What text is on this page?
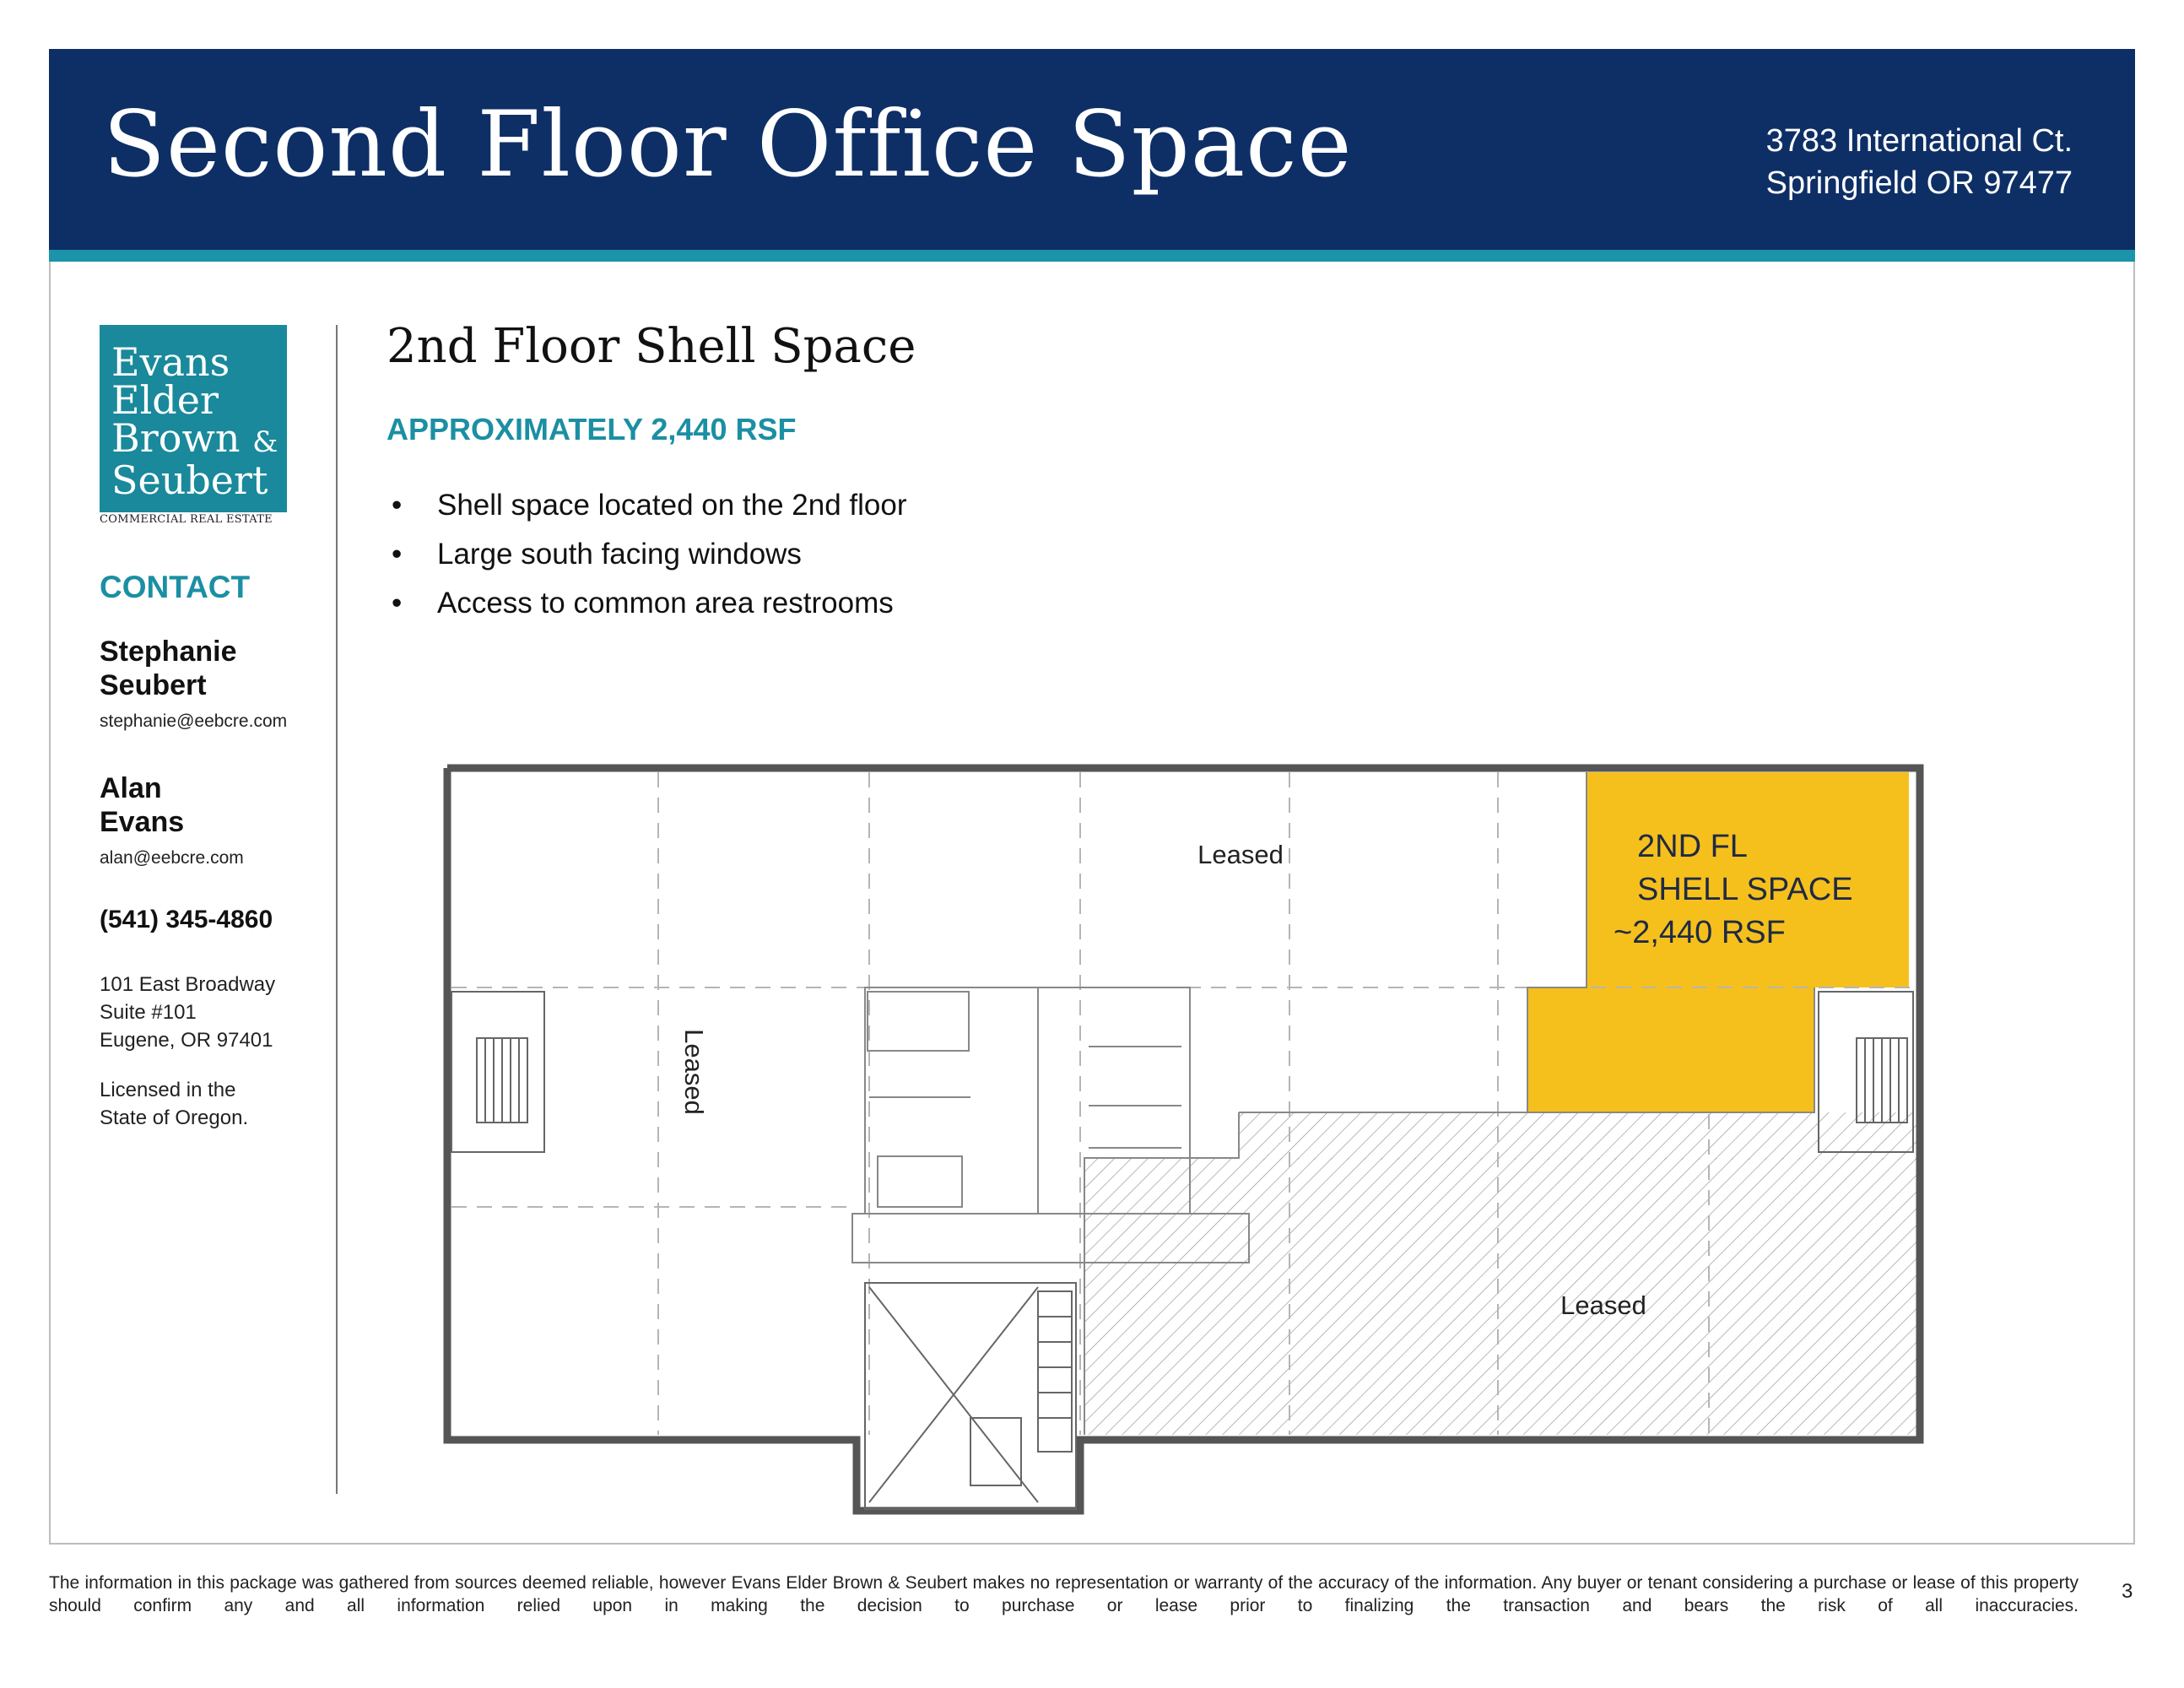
Second Floor Office Space	3783 International Ct.
Springfield OR 97477
Evans
Elder
Brown &
Seubert
COMMERCIAL REAL ESTATE
CONTACT
Stephanie
Seubert
stephanie@eebcre.com
Alan
Evans
alan@eebcre.com
(541) 345-4860
101 East Broadway
Suite #101
Eugene, OR 97401
Licensed in the
State of Oregon.
2nd Floor Shell Space
APPROXIMATELY 2,440 RSF
• Shell space located on the 2nd floor
• Large south facing windows
• Access to common area restrooms
Leased
Leased
Leased
2ND FL
SHELL SPACE
~2,440 RSF
The information in this package was gathered from sources deemed reliable, however Evans Elder Brown & Seubert makes no representation or warranty of the accuracy of the information. Any buyer or tenant considering a purchase or lease of this property should confirm any and all information relied upon in making the decision to purchase or lease prior to finalizing the transaction and bears the risk of all inaccuracies.
3
